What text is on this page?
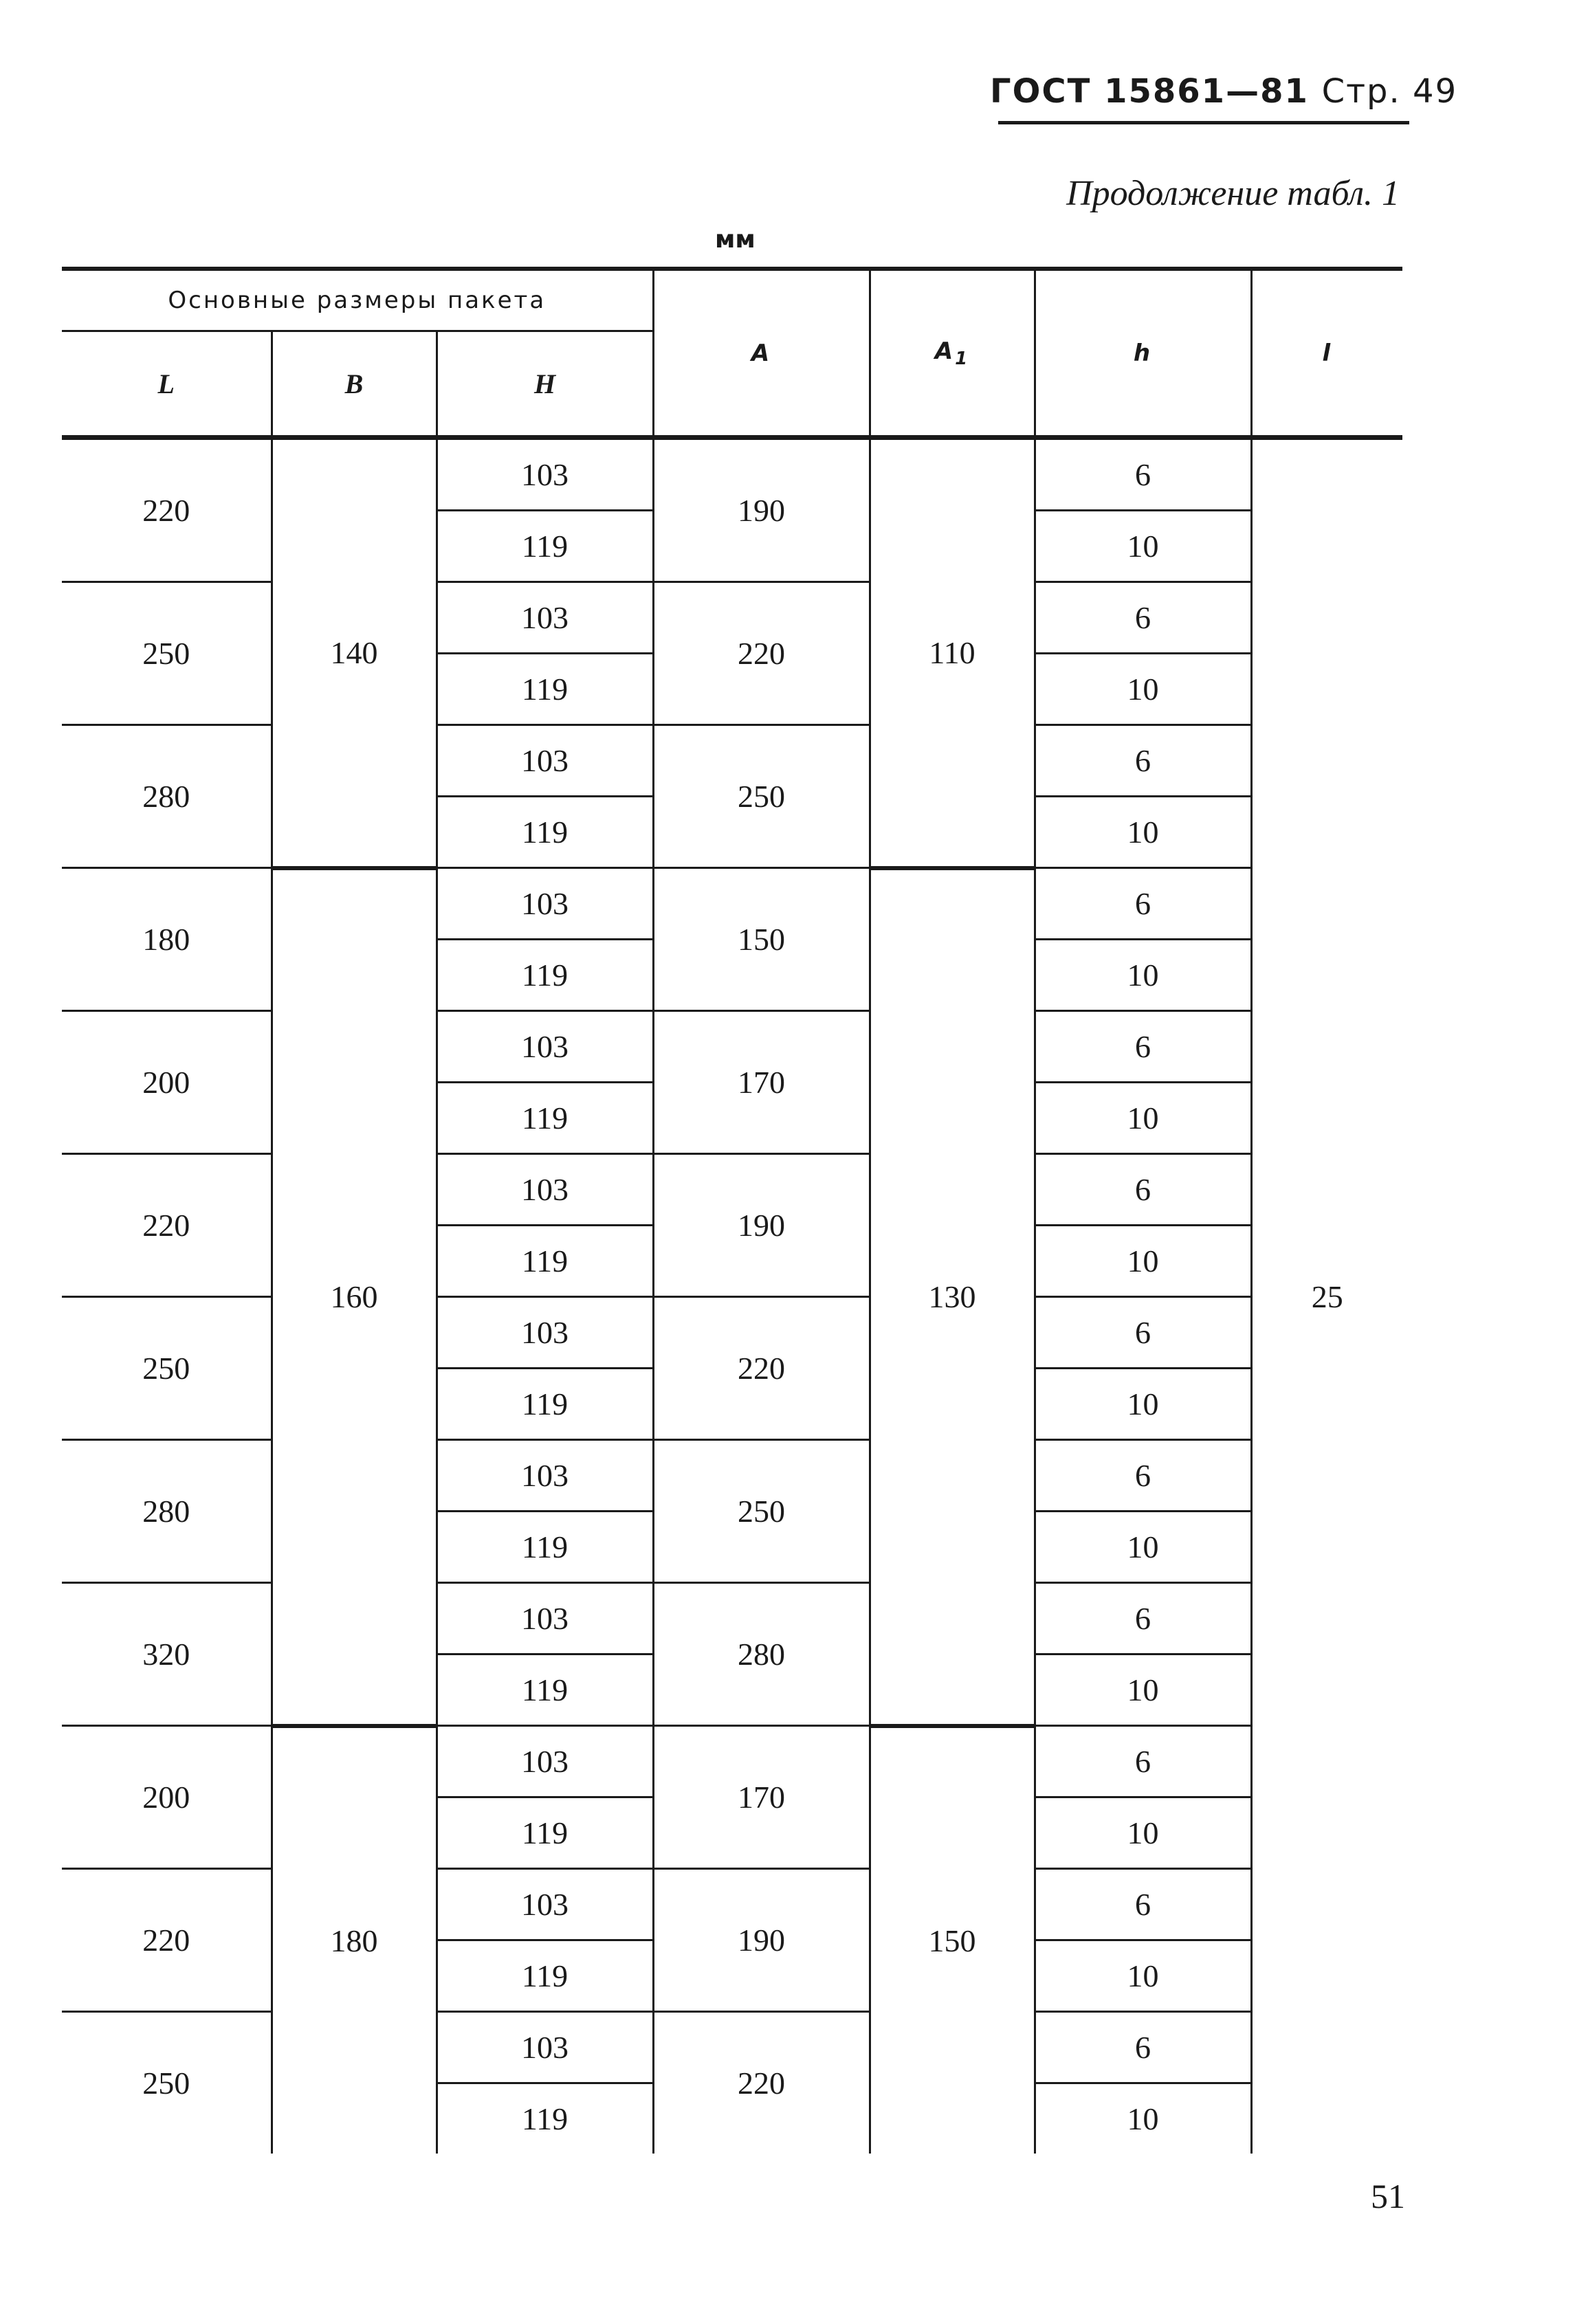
ГОСТ 15861—81 Стр. 49
Продолжение табл. 1
мм
Основные размеры пакета			A	$A_1$	h	l
L	B	H				
220	140	103	190	110	6	25
		119			10	
250		103	220		6	
		119			10	
280		103	250		6	
		119			10	
180	160	103	150	130	6	
		119			10	
200		103	170		6	
		119			10	
220		103	190		6	
		119			10	
250		103	220		6	
		119			10	
280		103	250		6	
		119			10	
320		103	280		6	
		119			10	
200	180	103	170	150	6	
		119			10	
220		103	190		6	
		119			10	
250		103	220		6	
		119			10	
51
